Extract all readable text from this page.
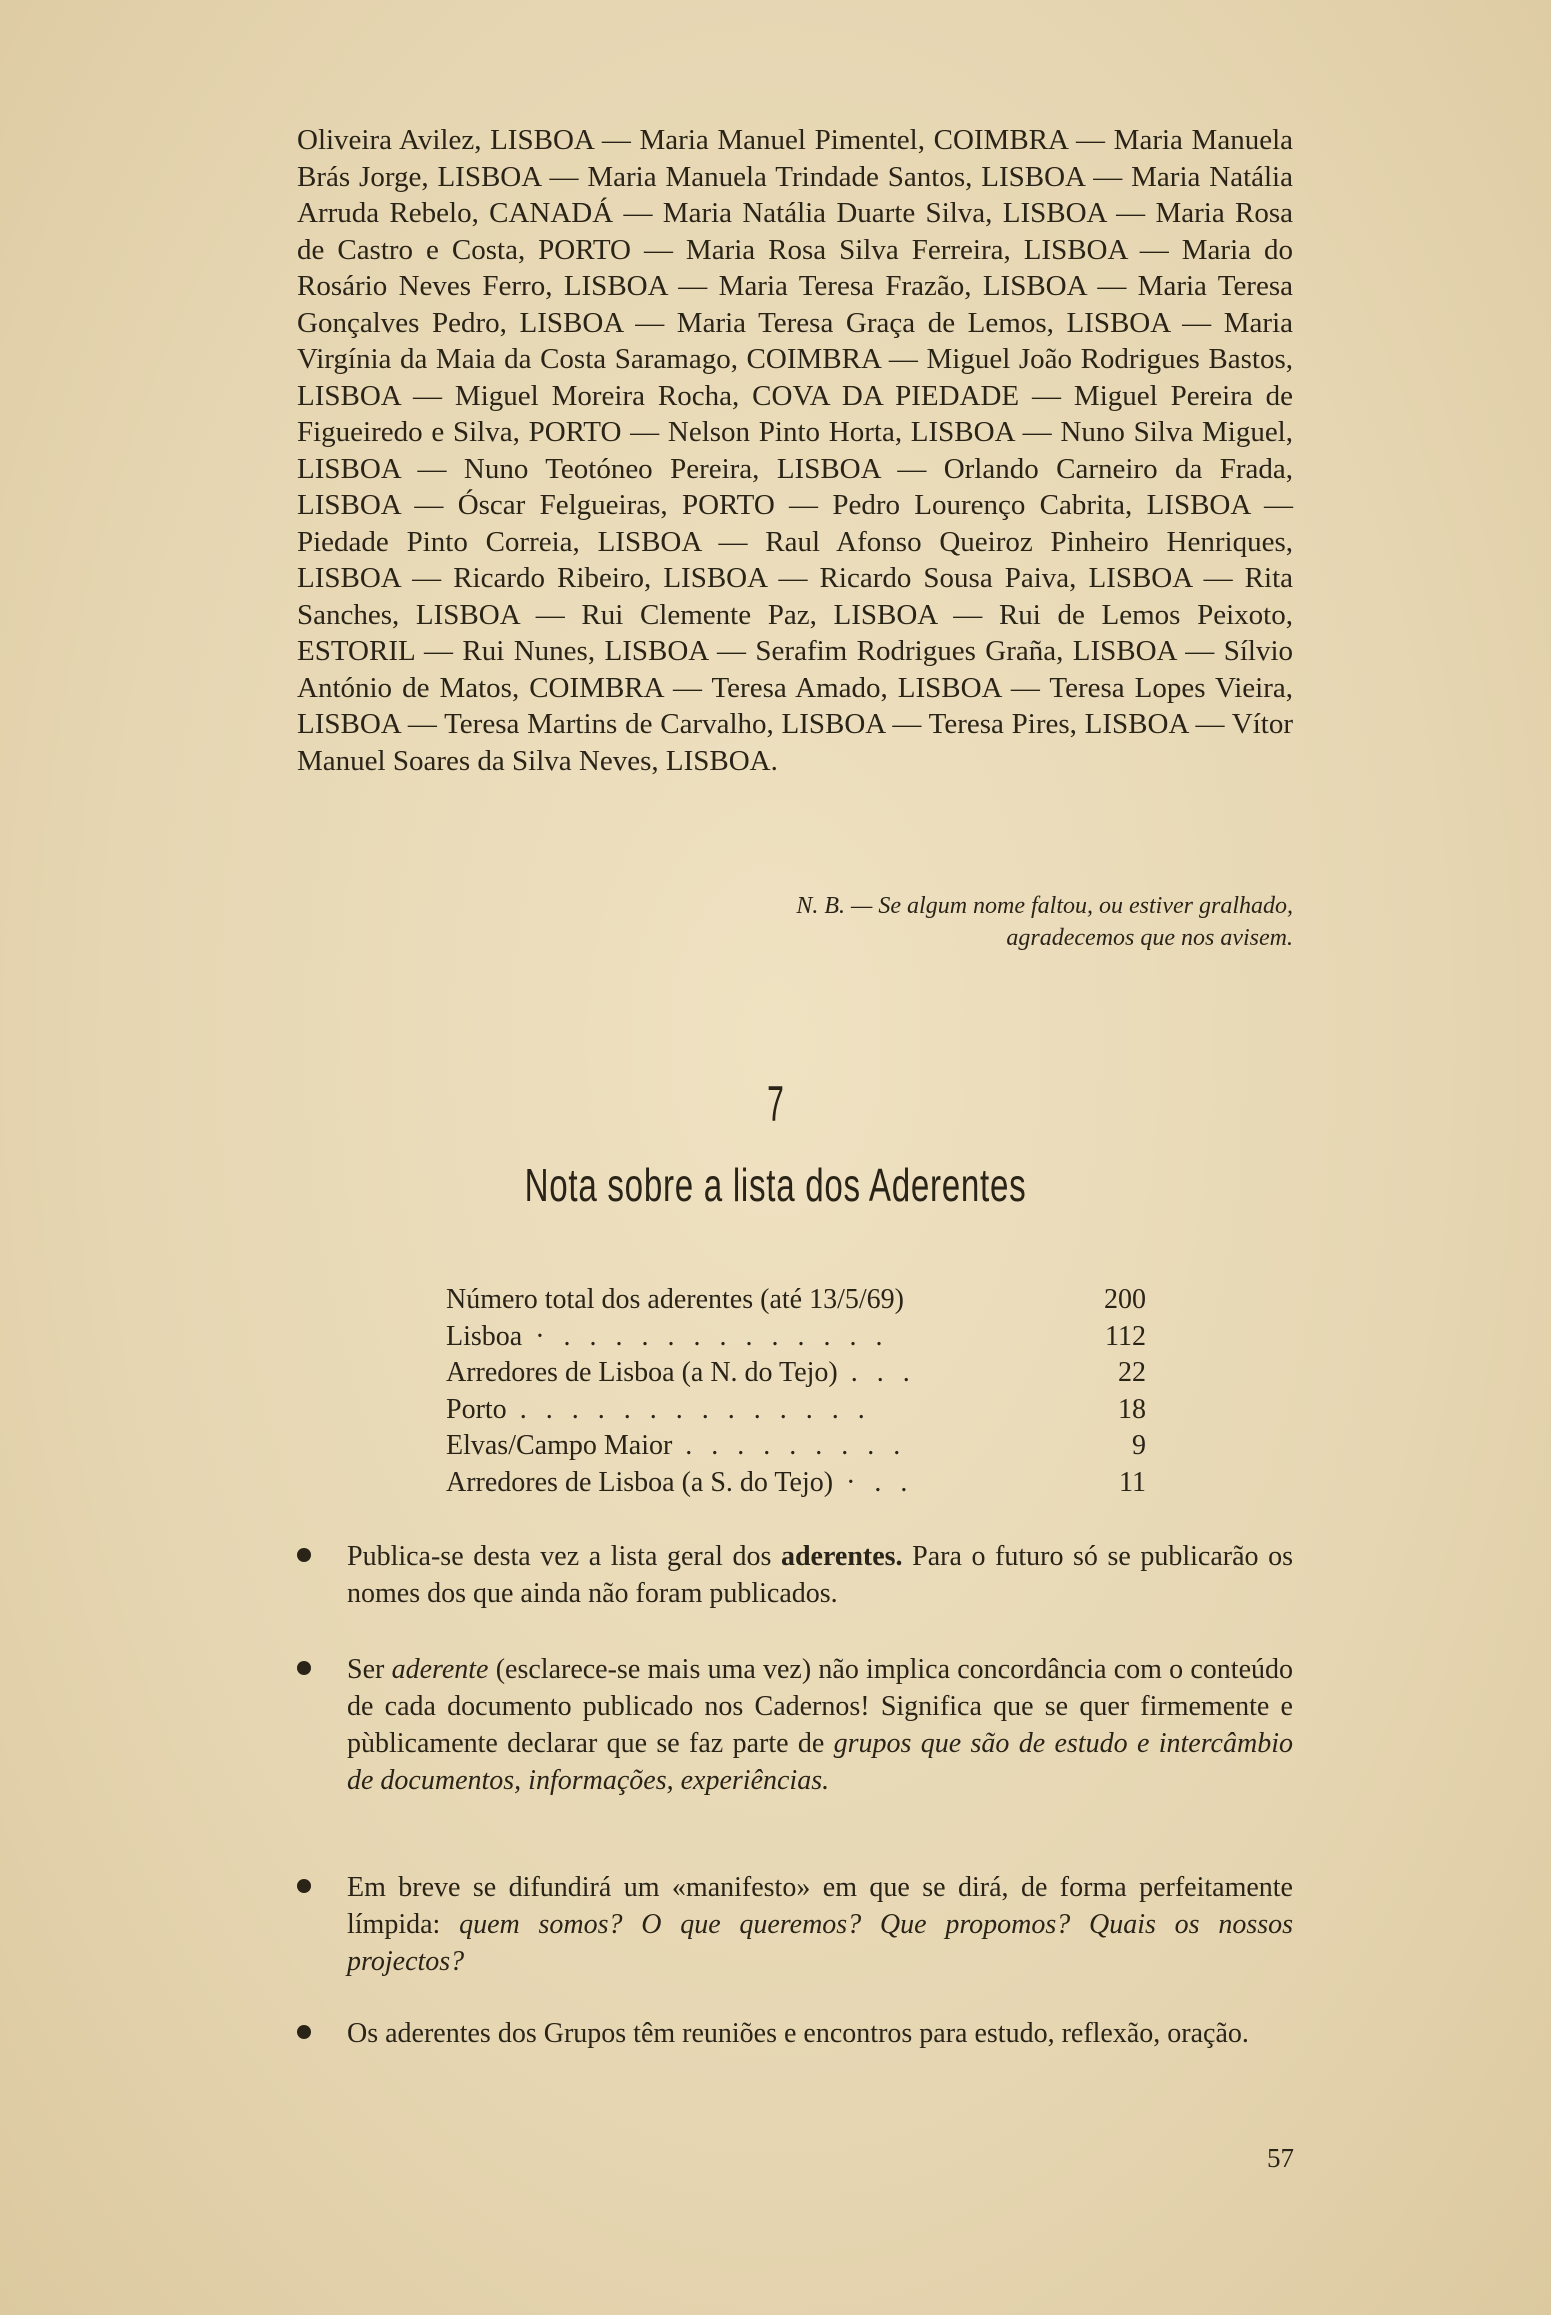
Oliveira Avilez, LISBOA — Maria Manuel Pimentel, COIMBRA — Maria Manuela Brás Jorge, LISBOA — Maria Manuela Trindade Santos, LISBOA — Maria Natália Arruda Rebelo, CANADÁ — Maria Natália Duarte Silva, LISBOA — Maria Rosa de Castro e Costa, PORTO — Maria Rosa Silva Ferreira, LISBOA — Maria do Rosário Neves Ferro, LISBOA — Maria Teresa Frazão, LISBOA — Maria Teresa Gonçalves Pedro, LISBOA — Maria Teresa Graça de Lemos, LISBOA — Maria Virgínia da Maia da Costa Saramago, COIMBRA — Miguel João Rodrigues Bastos, LISBOA — Miguel Moreira Rocha, COVA DA PIEDADE — Miguel Pereira de Figueiredo e Silva, PORTO — Nelson Pinto Horta, LISBOA — Nuno Silva Miguel, LISBOA — Nuno Teotóneo Pereira, LISBOA — Orlando Carneiro da Frada, LISBOA — Óscar Felgueiras, PORTO — Pedro Lourenço Cabrita, LISBOA — Piedade Pinto Correia, LISBOA — Raul Afonso Queiroz Pinheiro Henriques, LISBOA — Ricardo Ribeiro, LISBOA — Ricardo Sousa Paiva, LISBOA — Rita Sanches, LISBOA — Rui Clemente Paz, LISBOA — Rui de Lemos Peixoto, ESTORIL — Rui Nunes, LISBOA — Serafim Rodrigues Graña, LISBOA — Sílvio António de Matos, COIMBRA — Teresa Amado, LISBOA — Teresa Lopes Vieira, LISBOA — Teresa Martins de Carvalho, LISBOA — Teresa Pires, LISBOA — Vítor Manuel Soares da Silva Neves, LISBOA.
N. B. — Se algum nome faltou, ou estiver gralhado,
agradecemos que nos avisem.
7
Nota sobre a lista dos Aderentes
Número total dos aderentes (até 13/5/69)	200
Lisboa · . . . . . . . . . . . . .	112
Arredores de Lisboa (a N. do Tejo) . . .	22
Porto . . . . . . . . . . . . . .	18
Elvas/Campo Maior . . . . . . . . .	9
Arredores de Lisboa (a S. do Tejo) · . .	11
Publica-se desta vez a lista geral dos aderentes. Para o futuro só se publicarão os nomes dos que ainda não foram publicados.
Ser aderente (esclarece-se mais uma vez) não implica concordância com o conteúdo de cada documento publicado nos Cadernos! Significa que se quer firmemente e pùblicamente declarar que se faz parte de grupos que são de estudo e intercâmbio de documentos, informações, experiências.
Em breve se difundirá um «manifesto» em que se dirá, de forma perfeitamente límpida: quem somos? O que queremos? Que propomos? Quais os nossos projectos?
Os aderentes dos Grupos têm reuniões e encontros para estudo, reflexão, oração.
57
